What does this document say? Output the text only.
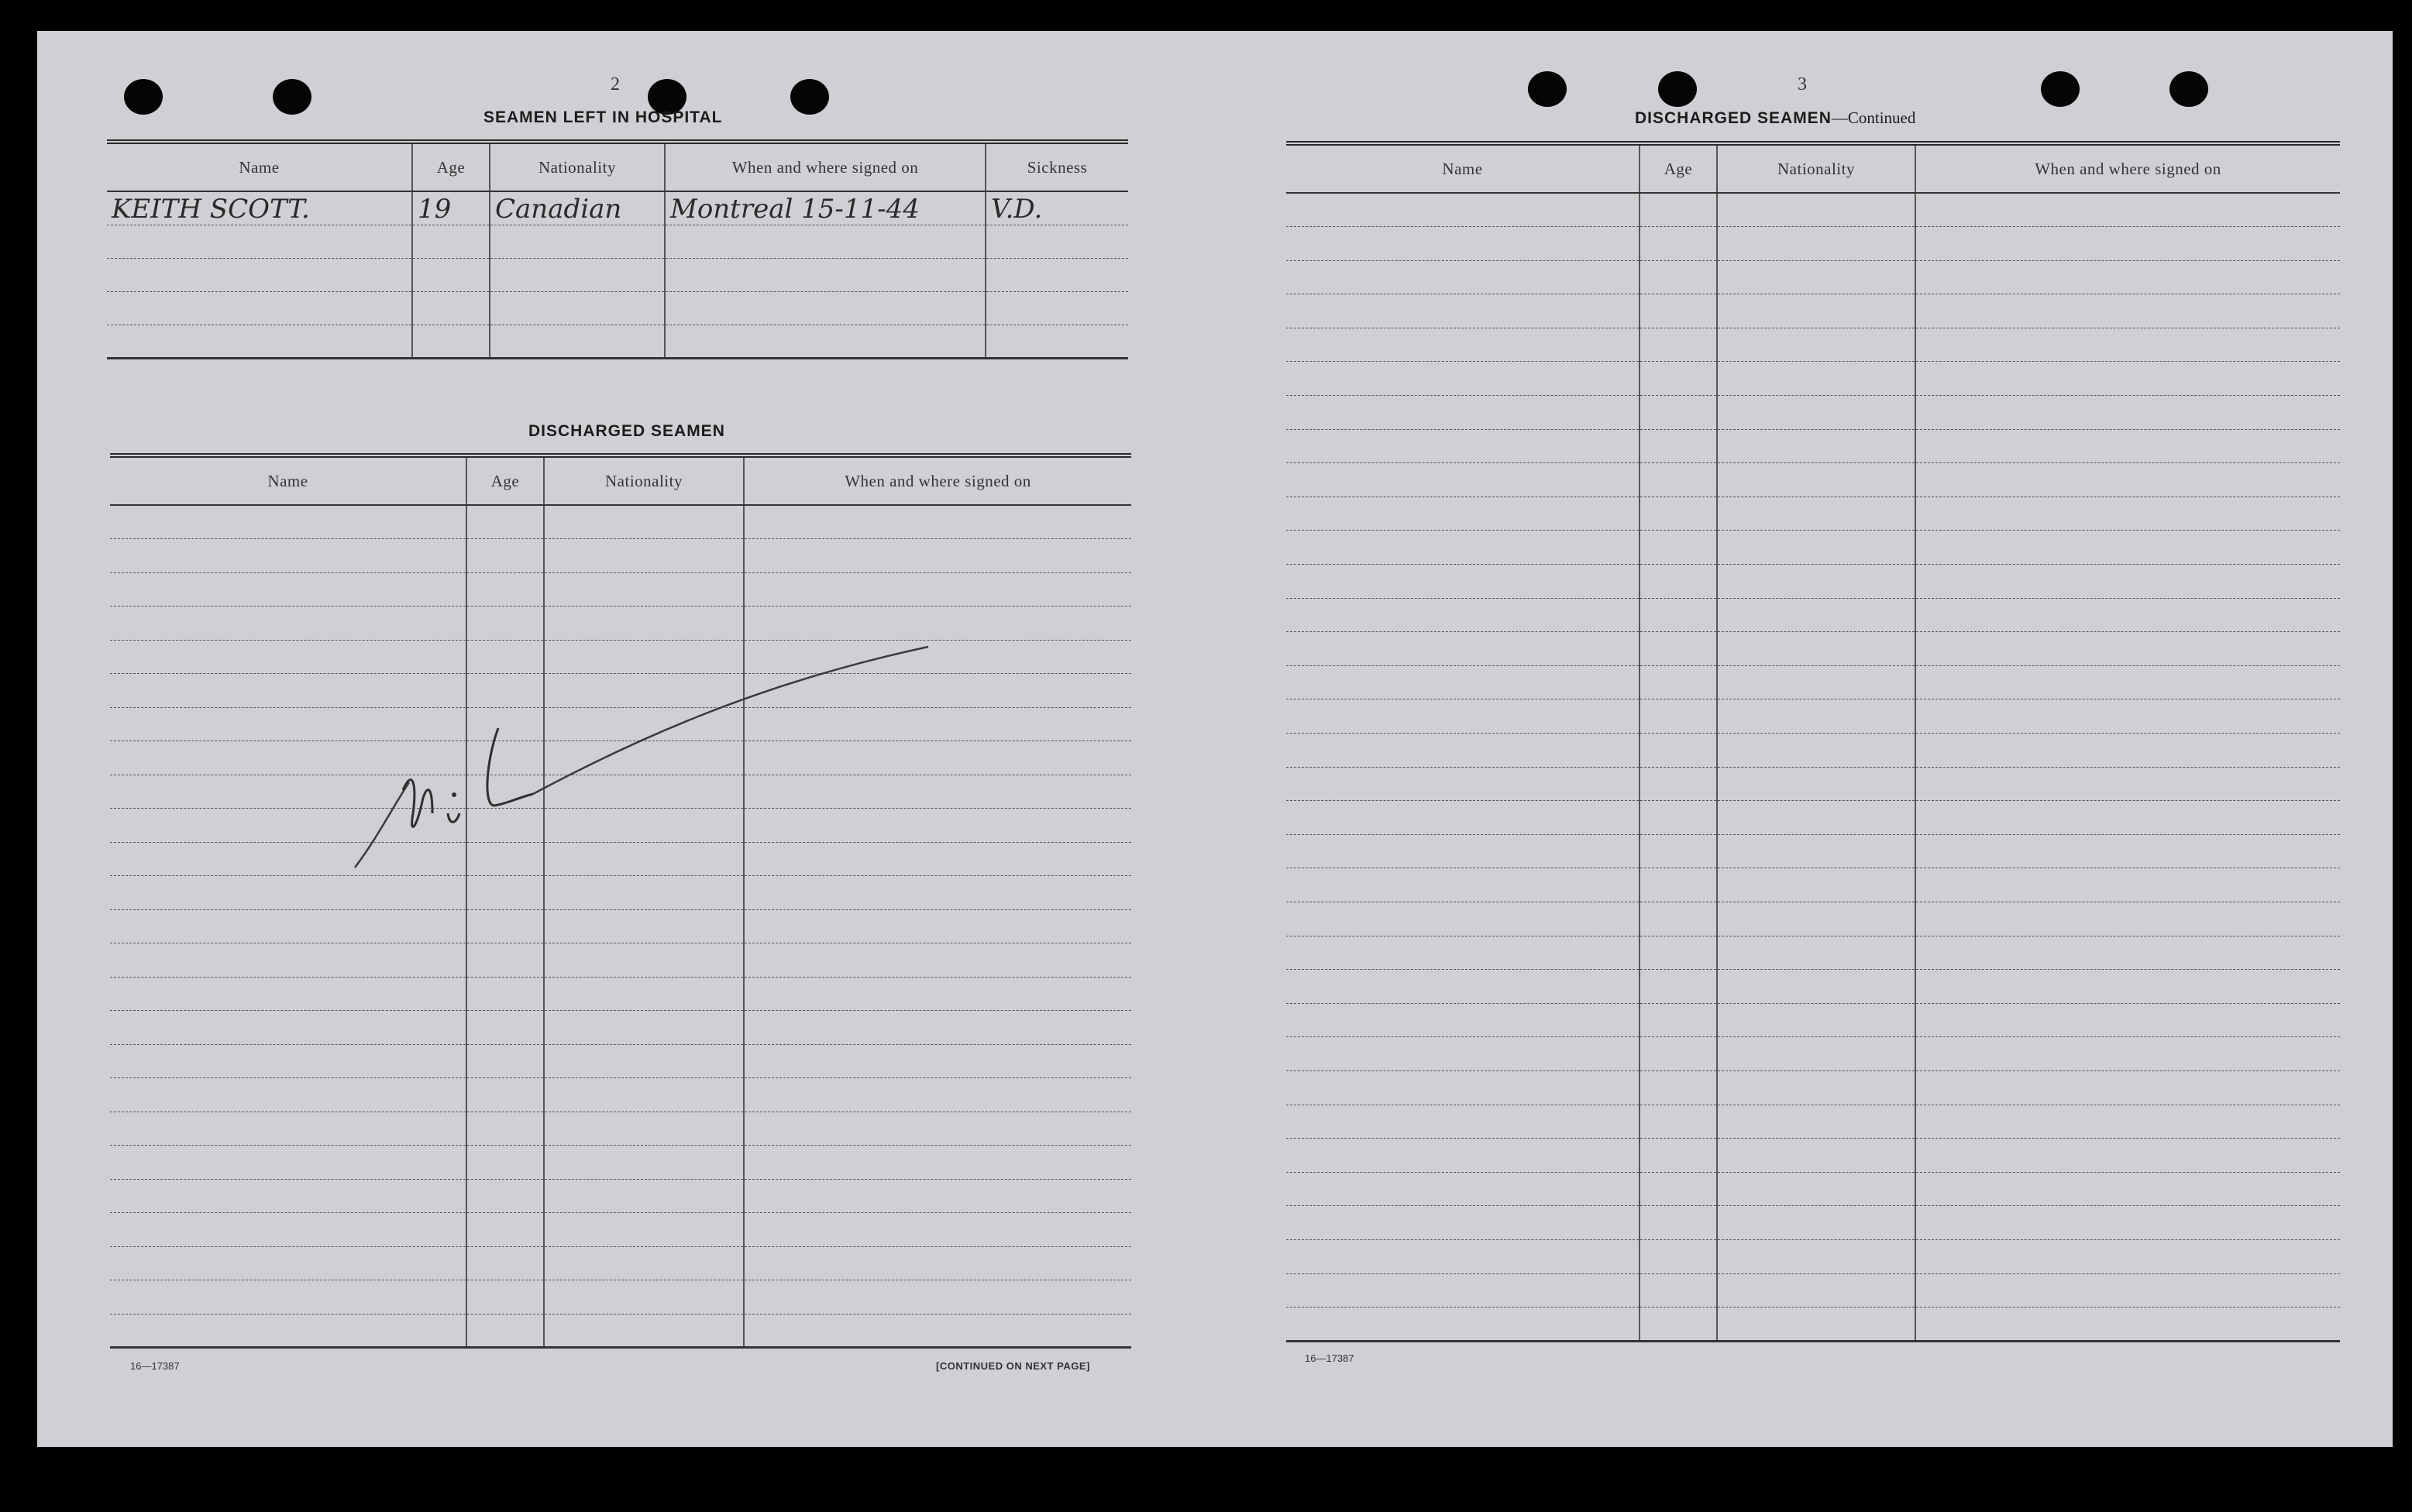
2
SEAMEN LEFT IN HOSPITAL
Name	Age	Nationality	When and where signed on	Sickness
KEITH SCOTT.	19	Canadian	Montreal 15-11-44	V.D.

DISCHARGED SEAMEN
Name	Age	Nationality	When and where signed on

16—17387	[CONTINUED ON NEXT PAGE]
3
DISCHARGED SEAMEN—Continued
Name	Age	Nationality	When and where signed on

16—17387
